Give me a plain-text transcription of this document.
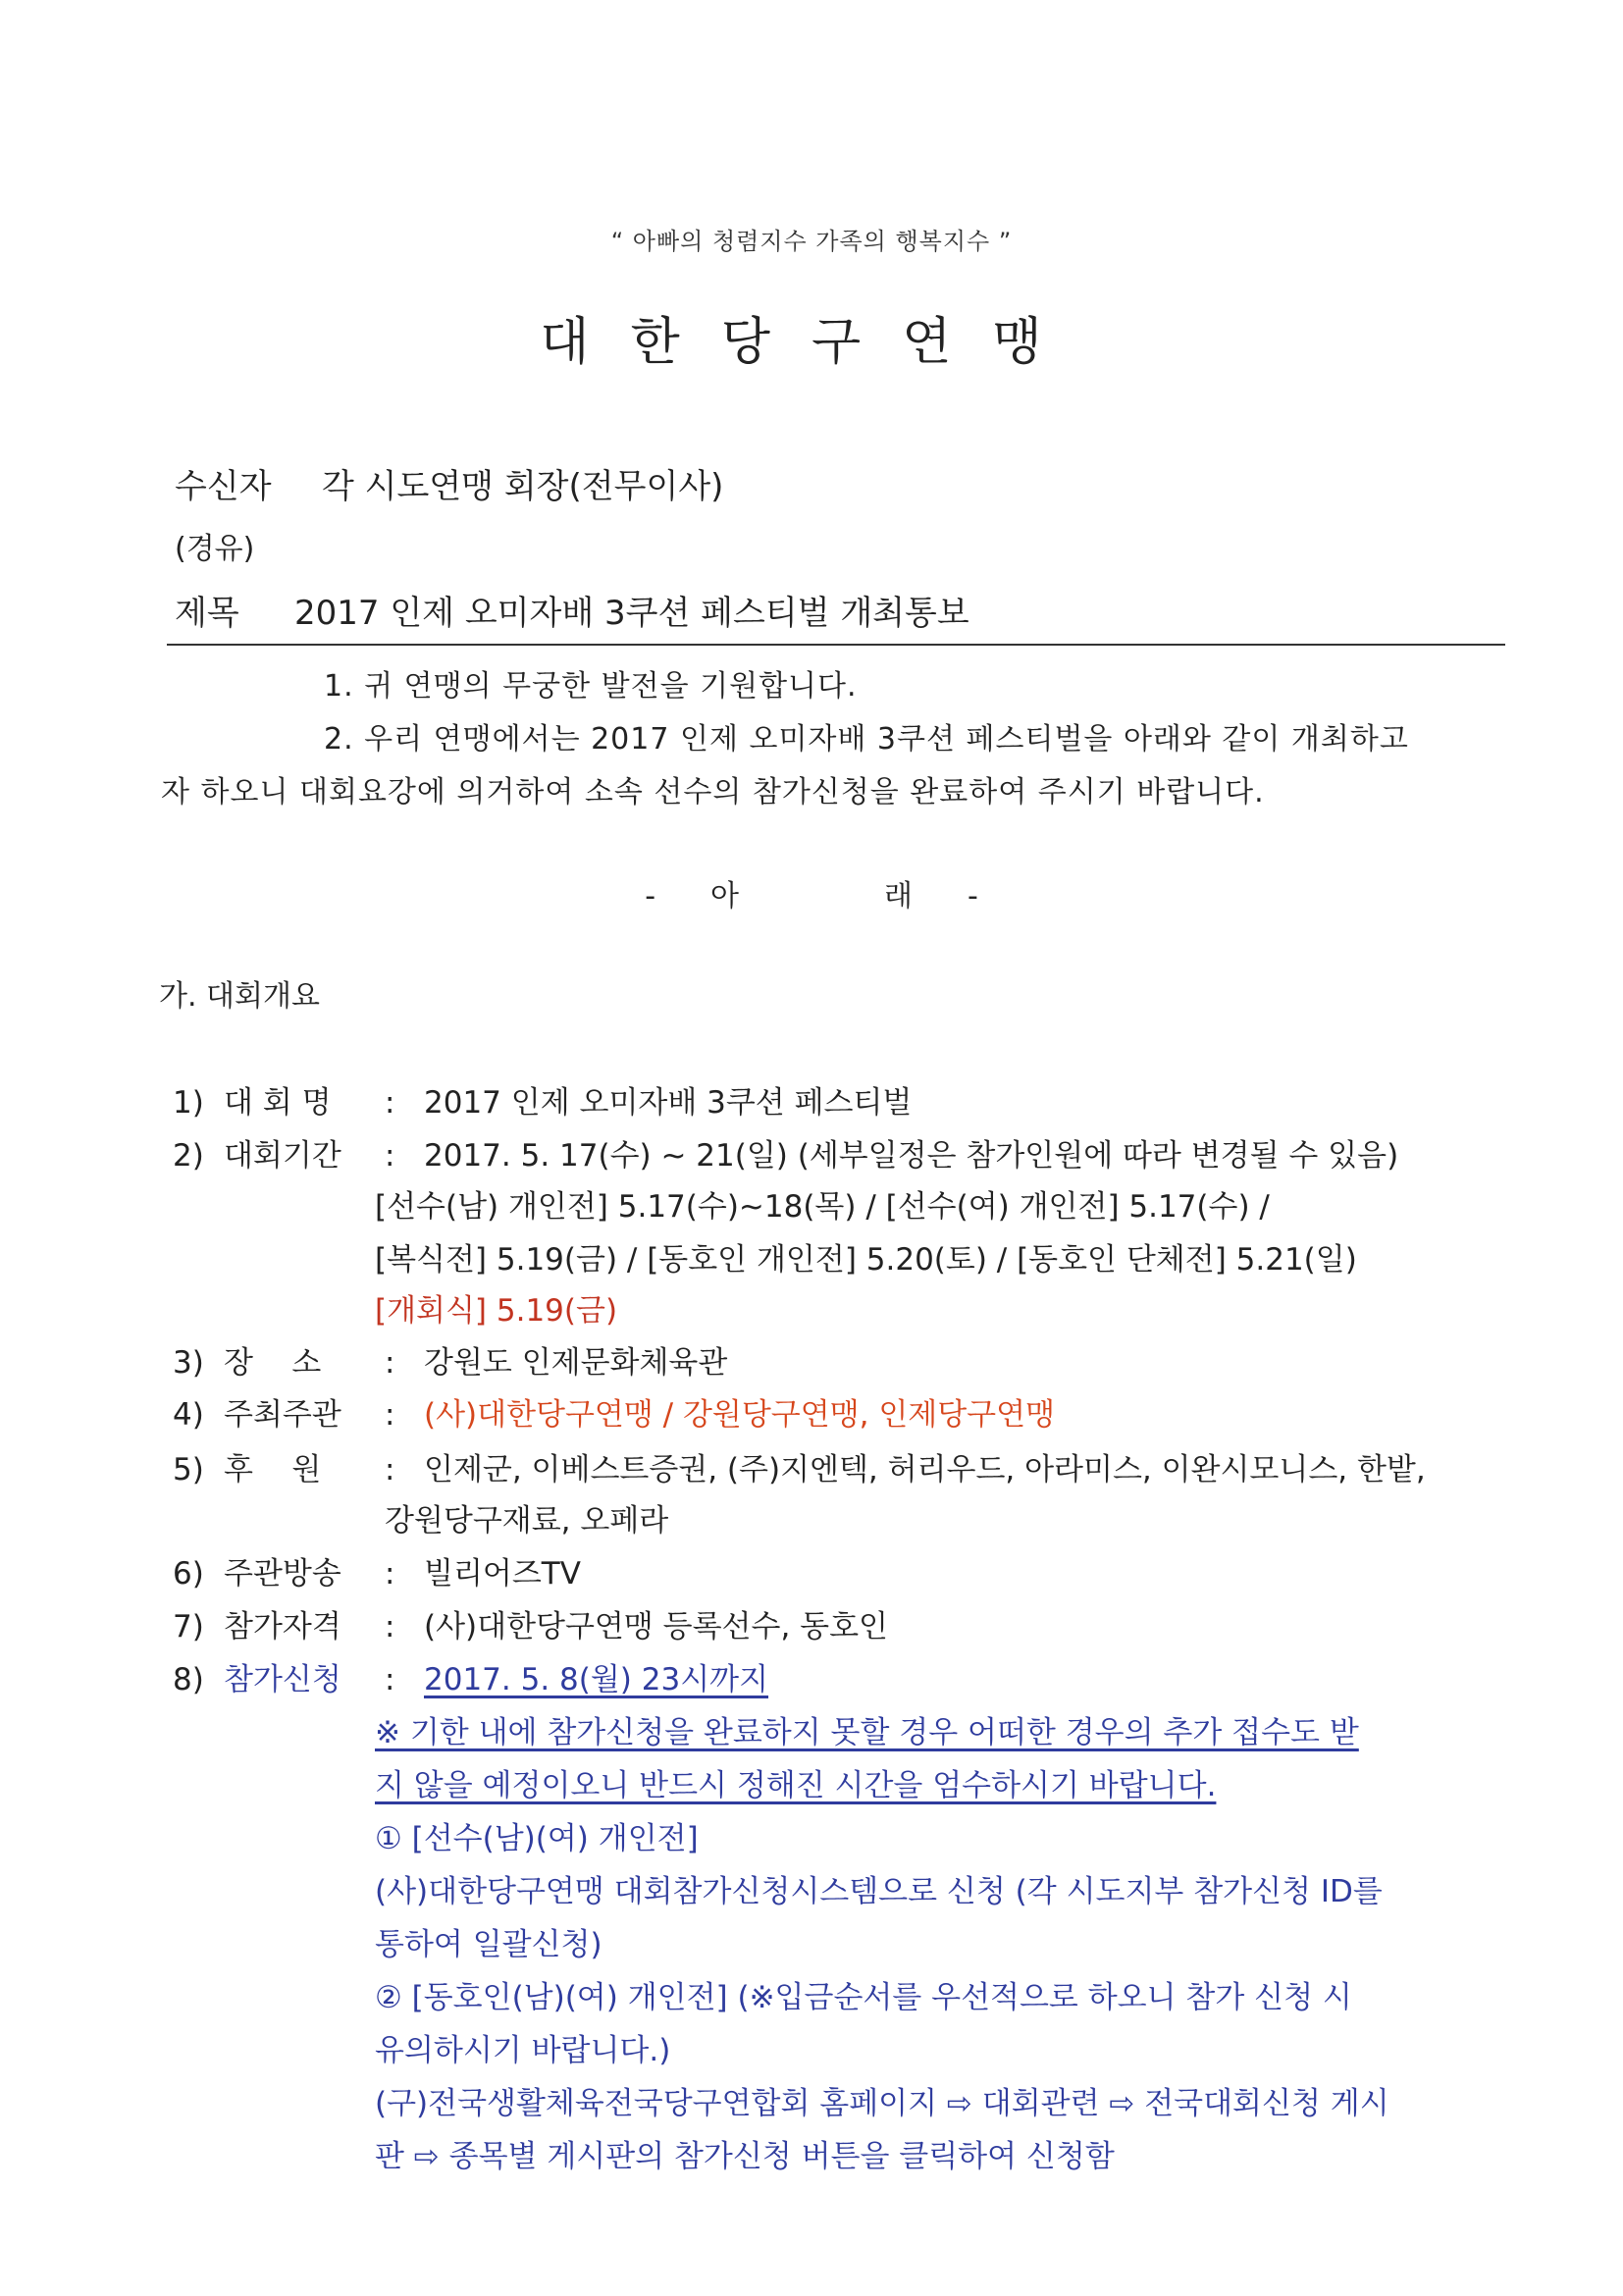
“ 아빠의 청렴지수 가족의 행복지수 ”
대한당구연맹
수신자 각 시도연맹 회장(전무이사)
(경유)
제목 2017 인제 오미자배 3쿠션 페스티벌 개최통보
1. 귀 연맹의 무궁한 발전을 기원합니다.
2. 우리 연맹에서는 2017 인제 오미자배 3쿠션 페스티벌을 아래와 같이 개최하고
자 하오니 대회요강에 의거하여 소속 선수의 참가신청을 완료하여 주시기 바랍니다.
- 아	래 -
가. 대회개요
1) 대 회 명 : 2017 인제 오미자배 3쿠션 페스티벌
2) 대회기간 : 2017. 5. 17(수) ~ 21(일) (세부일정은 참가인원에 따라 변경될 수 있음)
[선수(남) 개인전] 5.17(수)~18(목) / [선수(여) 개인전] 5.17(수) /
[복식전] 5.19(금) / [동호인 개인전] 5.20(토) / [동호인 단체전] 5.21(일)
[개회식] 5.19(금)
3) 장    소 : 강원도 인제문화체육관
4) 주최주관 : (사)대한당구연맹 / 강원당구연맹, 인제당구연맹
5) 후    원 : 인제군, 이베스트증권, (주)지엔텍, 허리우드, 아라미스, 이완시모니스, 한밭,
강원당구재료, 오페라
6) 주관방송 : 빌리어즈TV
7) 참가자격 : (사)대한당구연맹 등록선수, 동호인
8) 참가신청 : 2017. 5. 8(월) 23시까지
※ 기한 내에 참가신청을 완료하지 못할 경우 어떠한 경우의 추가 접수도 받
지 않을 예정이오니 반드시 정해진 시간을 엄수하시기 바랍니다.
① [선수(남)(여) 개인전]
(사)대한당구연맹 대회참가신청시스템으로 신청 (각 시도지부 참가신청 ID를
통하여 일괄신청)
② [동호인(남)(여) 개인전] (※입금순서를 우선적으로 하오니 참가 신청 시
유의하시기 바랍니다.)
(구)전국생활체육전국당구연합회 홈페이지 ⇨ 대회관련 ⇨ 전국대회신청 게시
판 ⇨ 종목별 게시판의 참가신청 버튼을 클릭하여 신청함
